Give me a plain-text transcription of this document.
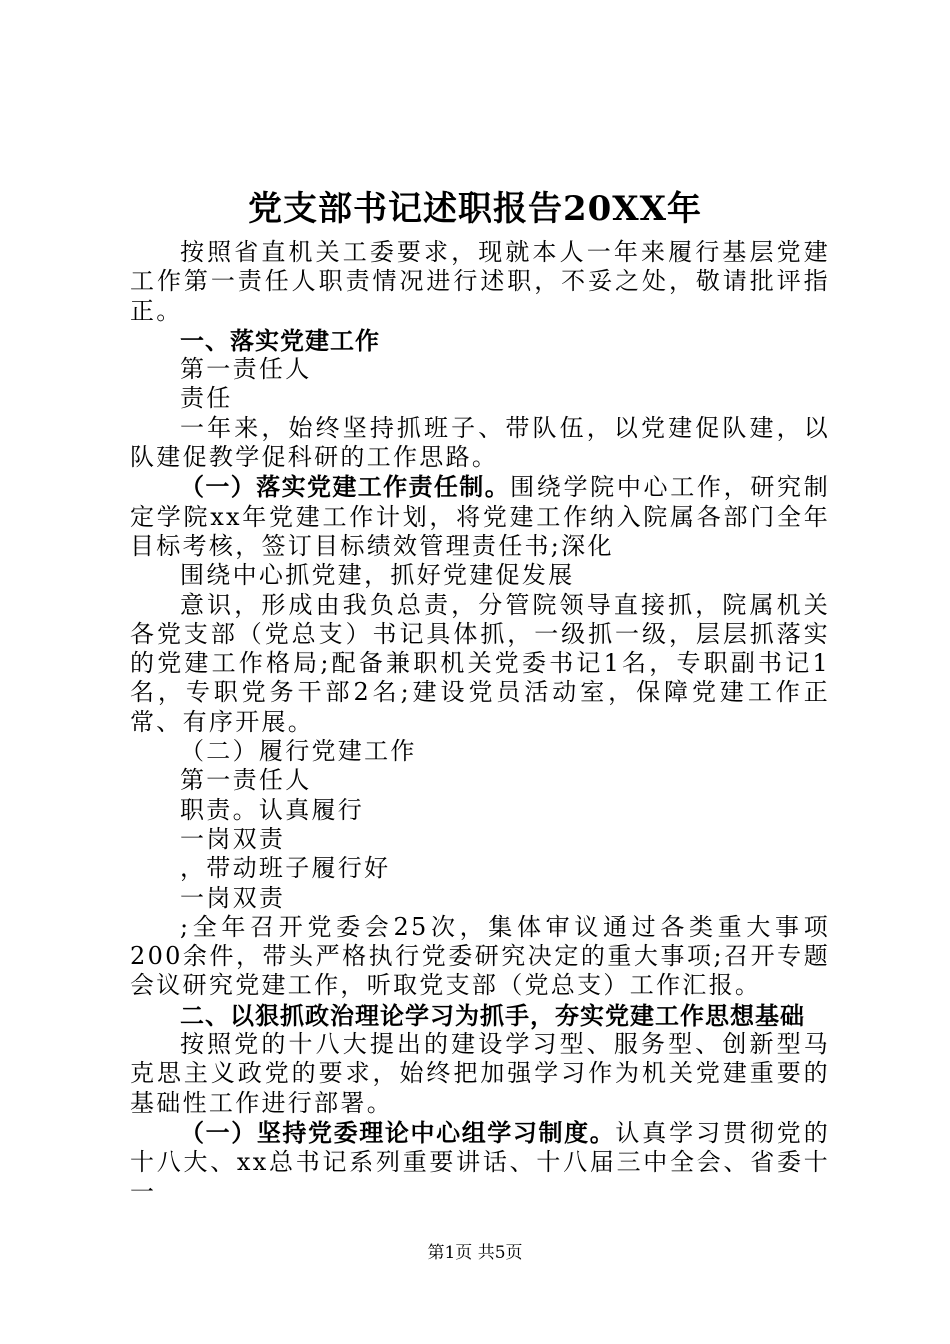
党支部书记述职报告20XX年

按照省直机关工委要求，现就本人一年来履行基层党建工作第一责任人职责情况进行述职，不妥之处，敬请批评指正。

一、落实党建工作

第一责任人

责任

一年来，始终坚持抓班子、带队伍，以党建促队建，以队建促教学促科研的工作思路。

（一）落实党建工作责任制。围绕学院中心工作，研究制定学院xx年党建工作计划，将党建工作纳入院属各部门全年目标考核，签订目标绩效管理责任书;深化

围绕中心抓党建，抓好党建促发展

意识，形成由我负总责，分管院领导直接抓，院属机关各党支部（党总支）书记具体抓，一级抓一级，层层抓落实的党建工作格局;配备兼职机关党委书记1名，专职副书记1名，专职党务干部2名;建设党员活动室，保障党建工作正常、有序开展。

（二）履行党建工作

第一责任人

职责。认真履行

一岗双责

，带动班子履行好

一岗双责

;全年召开党委会25次，集体审议通过各类重大事项200余件，带头严格执行党委研究决定的重大事项;召开专题会议研究党建工作，听取党支部（党总支）工作汇报。

二、以狠抓政治理论学习为抓手，夯实党建工作思想基础

按照党的十八大提出的建设学习型、服务型、创新型马克思主义政党的要求，始终把加强学习作为机关党建重要的基础性工作进行部署。

（一）坚持党委理论中心组学习制度。认真学习贯彻党的十八大、xx总书记系列重要讲话、十八届三中全会、省委十一

第1页 共5页
